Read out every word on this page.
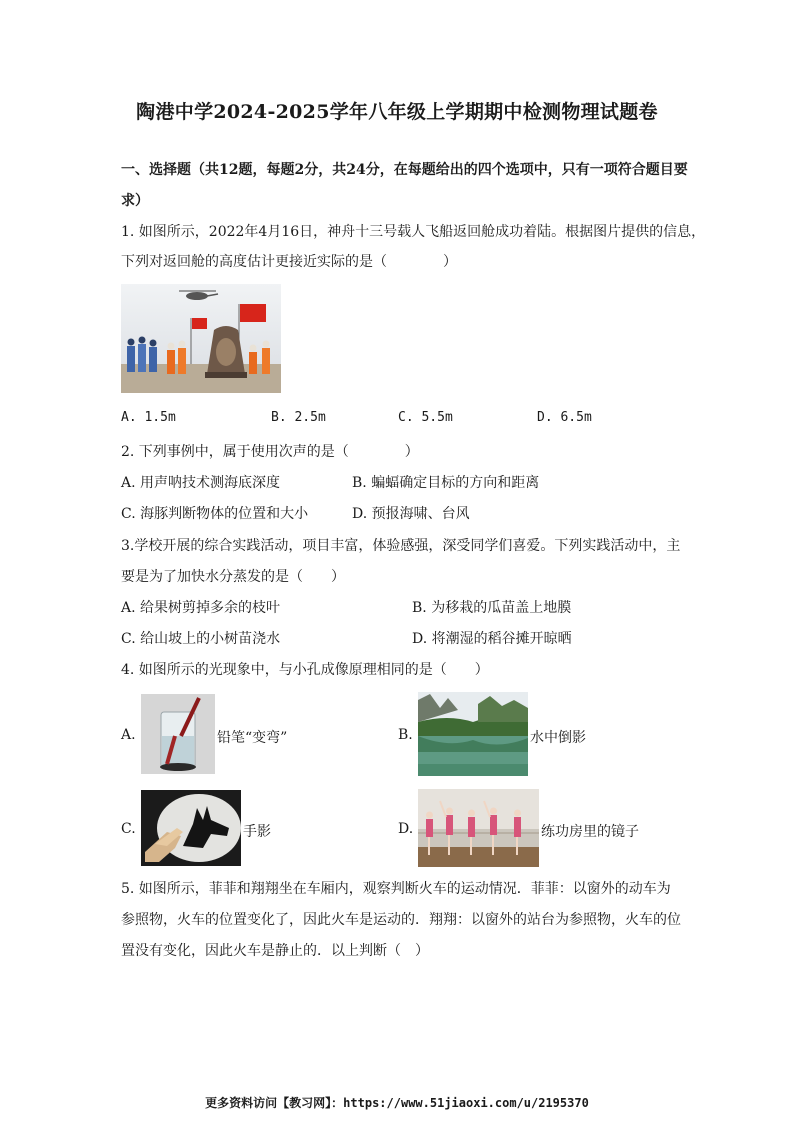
陶港中学2024-2025学年八年级上学期期中检测物理试题卷
一、选择题（共12题，每题2分，共24分，在每题给出的四个选项中，只有一项符合题目要
求）
1. 如图所示，2022年4月16日，神舟十三号载人飞船返回舱成功着陆。根据图片提供的信息，
下列对返回舱的高度估计更接近实际的是（　　　　）
A. 1.5m	B. 2.5m	C. 5.5m	D. 6.5m
2. 下列事例中，属于使用次声的是（　　　　）
A. 用声呐技术测海底深度	B. 蝙蝠确定目标的方向和距离
C. 海豚判断物体的位置和大小	D. 预报海啸、台风
3.学校开展的综合实践活动，项目丰富，体验感强，深受同学们喜爱。下列实践活动中，主
要是为了加快水分蒸发的是（　　）
A. 给果树剪掉多余的枝叶	B. 为移栽的瓜苗盖上地膜
C. 给山坡上的小树苗浇水	D. 将潮湿的稻谷摊开晾晒
4. 如图所示的光现象中，与小孔成像原理相同的是（　　）
A.	铅笔“变弯”	B.	水中倒影
C.	手影	D.	练功房里的镜子
5. 如图所示，菲菲和翔翔坐在车厢内，观察判断火车的运动情况．菲菲：以窗外的动车为
参照物，火车的位置变化了，因此火车是运动的．翔翔：以窗外的站台为参照物，火车的位
置没有变化，因此火车是静止的．以上判断（　）
更多资料访问【教习网】：https://www.51jiaoxi.com/u/2195370
